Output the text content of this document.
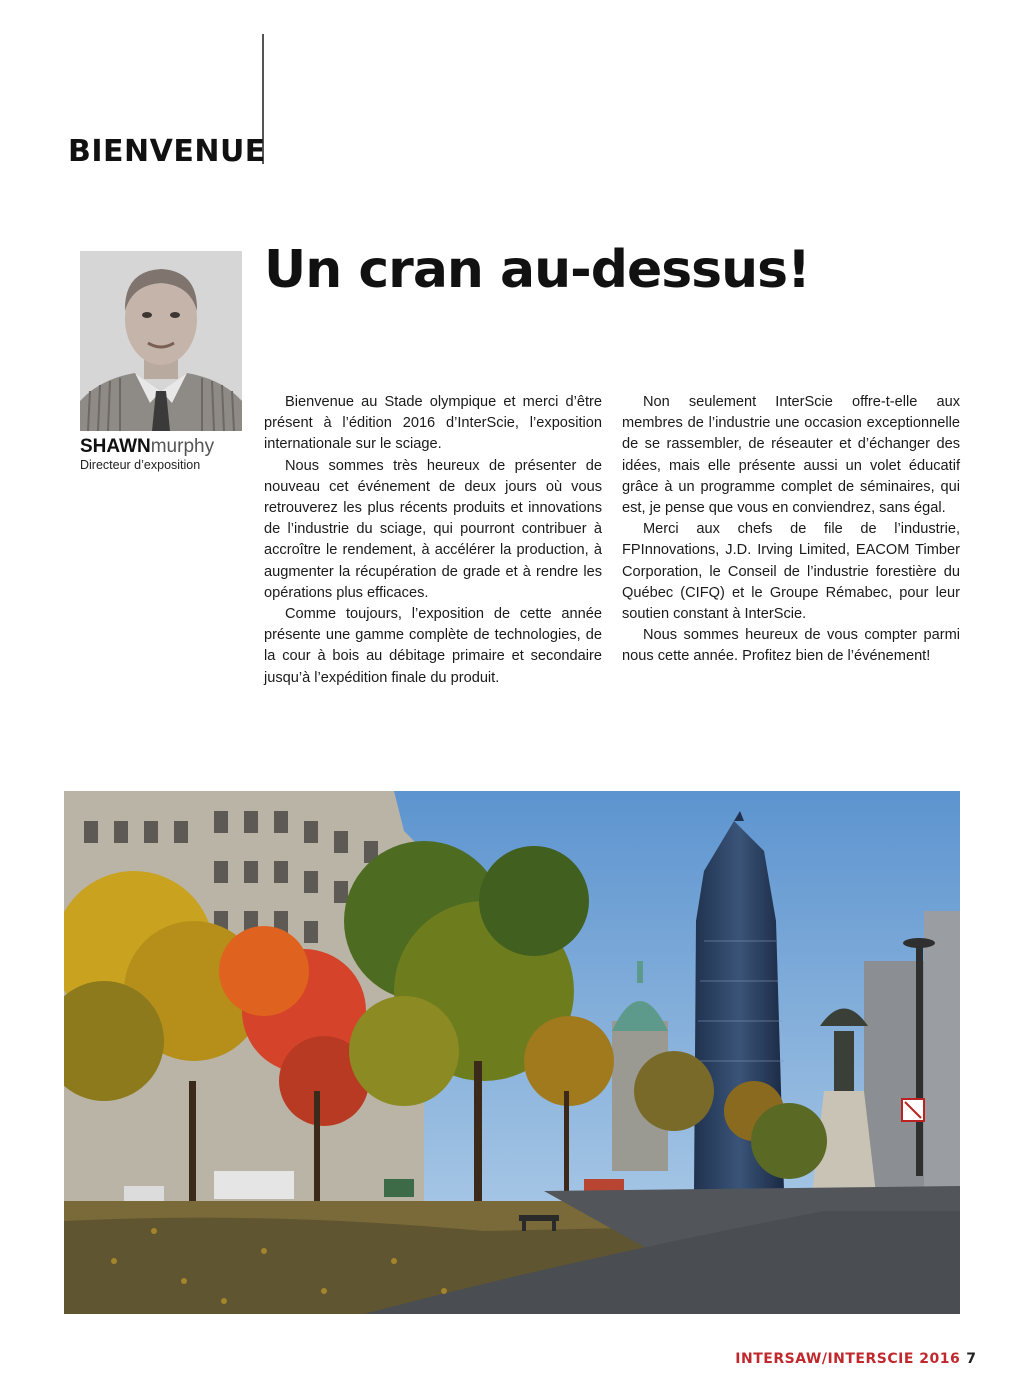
BIENVENUE
Un cran au-dessus!
SHAWNmurphy
Directeur d’exposition

Bienvenue au Stade olympique et merci d’être présent à l’édition 2016 d’InterScie, l’exposition internationale sur le sciage.

Nous sommes très heureux de présenter de nouveau cet événement de deux jours où vous retrouverez les plus récents produits et innovations de l’industrie du sciage, qui pourront contribuer à accroître le rendement, à accélérer la production, à augmenter la récupération de grade et à rendre les opérations plus efficaces.

Comme toujours, l’exposition de cette année présente une gamme complète de technologies, de la cour à bois au débitage primaire et secondaire jusqu’à l’expédition finale du produit.

Non seulement InterScie offre-t-elle aux membres de l’industrie une occasion exceptionnelle de se rassembler, de réseauter et d’échanger des idées, mais elle présente aussi un volet éducatif grâce à un programme complet de séminaires, qui est, je pense que vous en conviendrez, sans égal.

Merci aux chefs de file de l’industrie, FPInnovations, J.D. Irving Limited, EACOM Timber Corporation, le Conseil de l’industrie forestière du Québec (CIFQ) et le Groupe Rémabec, pour leur soutien constant à InterScie.

Nous sommes heureux de vous compter parmi nous cette année. Profitez bien de l’événement!

INTERSAW/INTERSCIE 2016 7
